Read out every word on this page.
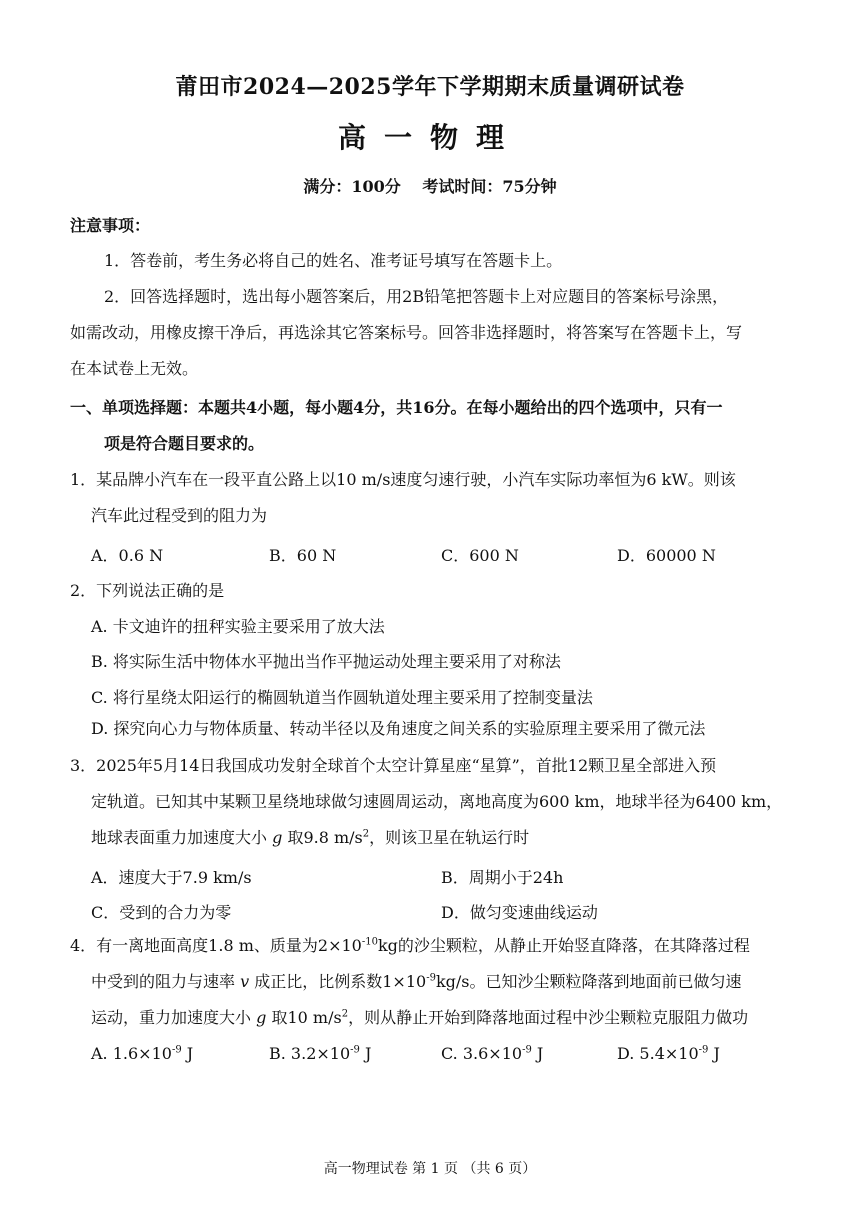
莆田市2024—2025学年下学期期末质量调研试卷
高一物理
满分：100分 考试时间：75分钟
注意事项：
1．答卷前，考生务必将自己的姓名、准考证号填写在答题卡上。
2．回答选择题时，选出每小题答案后，用2B铅笔把答题卡上对应题目的答案标号涂黑，
如需改动，用橡皮擦干净后，再选涂其它答案标号。回答非选择题时，将答案写在答题卡上，写
在本试卷上无效。
一、单项选择题：本题共4小题，每小题4分，共16分。在每小题给出的四个选项中，只有一
项是符合题目要求的。
1．某品牌小汽车在一段平直公路上以10 m/s速度匀速行驶，小汽车实际功率恒为6 kW。则该
汽车此过程受到的阻力为
A．0.6 N	B．60 N	C．600 N	D．60000 N
2．下列说法正确的是
A. 卡文迪许的扭秤实验主要采用了放大法
B. 将实际生活中物体水平抛出当作平抛运动处理主要采用了对称法
C. 将行星绕太阳运行的椭圆轨道当作圆轨道处理主要采用了控制变量法
D. 探究向心力与物体质量、转动半径以及角速度之间关系的实验原理主要采用了微元法
3．2025年5月14日我国成功发射全球首个太空计算星座“星算”，首批12颗卫星全部进入预
定轨道。已知其中某颗卫星绕地球做匀速圆周运动，离地高度为600 km，地球半径为6400 km，
地球表面重力加速度大小 g 取9.8 $m/s^2$，则该卫星在轨运行时
A．速度大于7.9 km/s	B．周期小于24h
C．受到的合力为零	D．做匀变速曲线运动
4．有一离地面高度1.8 m、质量为$2\times 10^{-10}kg$的沙尘颗粒，从静止开始竖直降落，在其降落过程
中受到的阻力与速率 v 成正比，比例系数$1\times 10^{-9}kg/s$。已知沙尘颗粒降落到地面前已做匀速
运动，重力加速度大小 g 取10 $m/s^2$，则从静止开始到降落地面过程中沙尘颗粒克服阻力做功
A. $1.6\times 10^{-9}$ J	B. $3.2\times 10^{-9}$ J	C. $3.6\times 10^{-9}$ J	D. $5.4\times 10^{-9}$ J
高一物理试卷 第 1 页 （共 6 页）
